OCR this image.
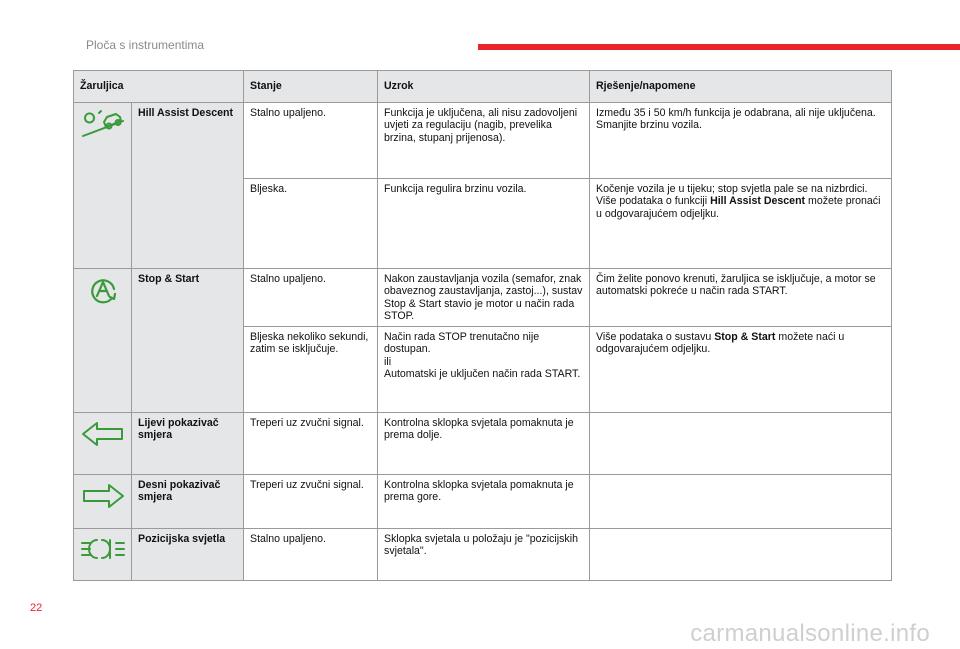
Ploča s instrumentima
Žaruljica		Stanje	Uzrok	Rješenje/napomene
	Hill Assist Descent	Stalno upaljeno.	Funkcija je uključena, ali nisu zadovoljeni uvjeti za regulaciju (nagib, prevelika brzina, stupanj prijenosa).	Između 35 i 50 km/h funkcija je odabrana, ali nije uključena.
Smanjite brzinu vozila.
		Bljeska.	Funkcija regulira brzinu vozila.	Kočenje vozila je u tijeku; stop svjetla pale se na nizbrdici.
Više podataka o funkciji Hill Assist Descent možete pronaći u odgovarajućem odjeljku.
	Stop & Start	Stalno upaljeno.	Nakon zaustavljanja vozila (semafor, znak obaveznog zaustavljanja, zastoj...), sustav Stop & Start stavio je motor u način rada STOP.	Čim želite ponovo krenuti, žaruljica se isključuje, a motor se automatski pokreće u način rada START.
		Bljeska nekoliko sekundi, zatim se isključuje.	Način rada STOP trenutačno nije dostupan.
ili
Automatski je uključen način rada START.	Više podataka o sustavu Stop & Start možete naći u odgovarajućem odjeljku.
	Lijevi pokazivač smjera	Treperi uz zvučni signal.	Kontrolna sklopka svjetala pomaknuta je prema dolje.	
	Desni pokazivač smjera	Treperi uz zvučni signal.	Kontrolna sklopka svjetala pomaknuta je prema gore.	
	Pozicijska svjetla	Stalno upaljeno.	Sklopka svjetala u položaju je "pozicijskih svjetala".	
22
carmanualsonline.info
